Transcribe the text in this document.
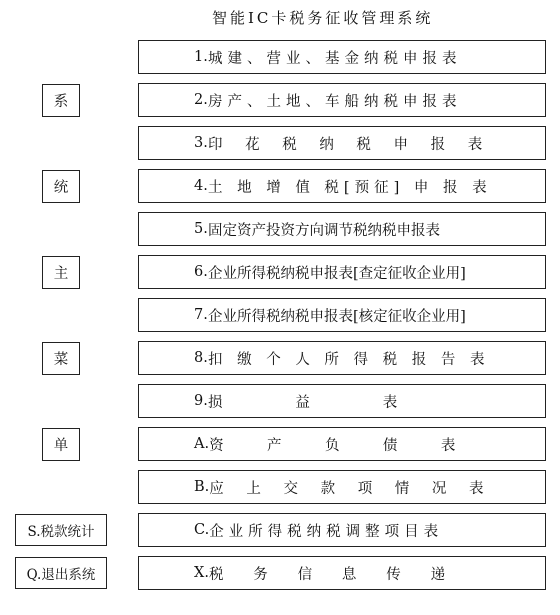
智能IC卡税务征收管理系统
1. 城建、营业、基金纳税申报表
2. 房产、土地、车船纳税申报表
3. 印 花 税 纳 税 申 报 表
4. 土 地 增 值 税[预征] 申 报 表
5. 固定资产投资方向调节税纳税申报表
6. 企业所得税纳税申报表[查定征收企业用]
7. 企业所得税纳税申报表[核定征收企业用]
8. 扣 缴 个 人 所 得 税 报 告 表
9. 损        益        表
A. 资    产    负    债    表
B. 应 上 交 款 项 情 况 表
C. 企业所得税纳税调整项目表
X. 税   务   信   息   传   递
系
统
主
菜
单
S.税款统计
Q.退出系统
